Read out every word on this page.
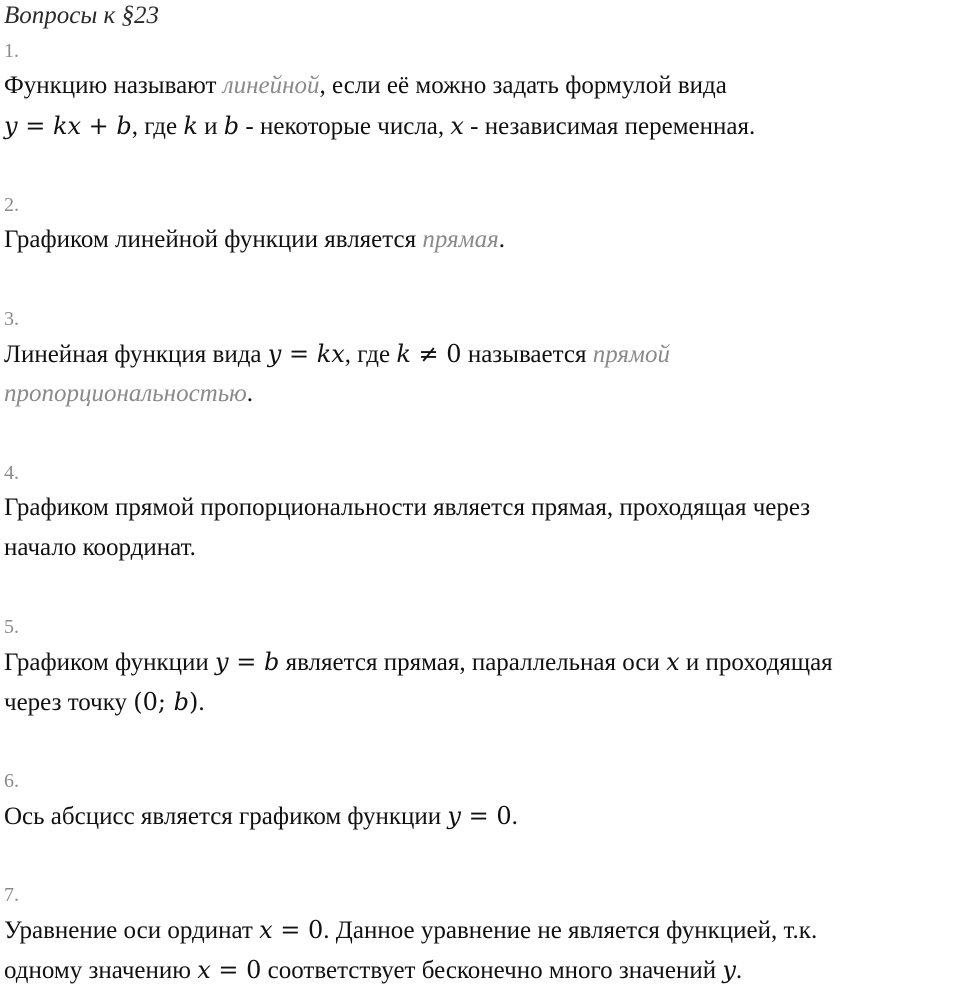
Вопросы к §23
1.
Функцию называют линейной, если её можно задать формулой вида
y = kx + b, где k и b - некоторые числа, x - независимая переменная.
2.
Графиком линейной функции является прямая.
3.
Линейная функция вида y = kx, где k ≠ 0 называется прямой
пропорциональностью.
4.
Графиком прямой пропорциональности является прямая, проходящая через
начало координат.
5.
Графиком функции y = b является прямая, параллельная оси x и проходящая
через точку (0; b).
6.
Ось абсцисс является графиком функции y = 0.
7.
Уравнение оси ординат x = 0. Данное уравнение не является функцией, т.к.
одному значению x = 0 соответствует бесконечно много значений y.
